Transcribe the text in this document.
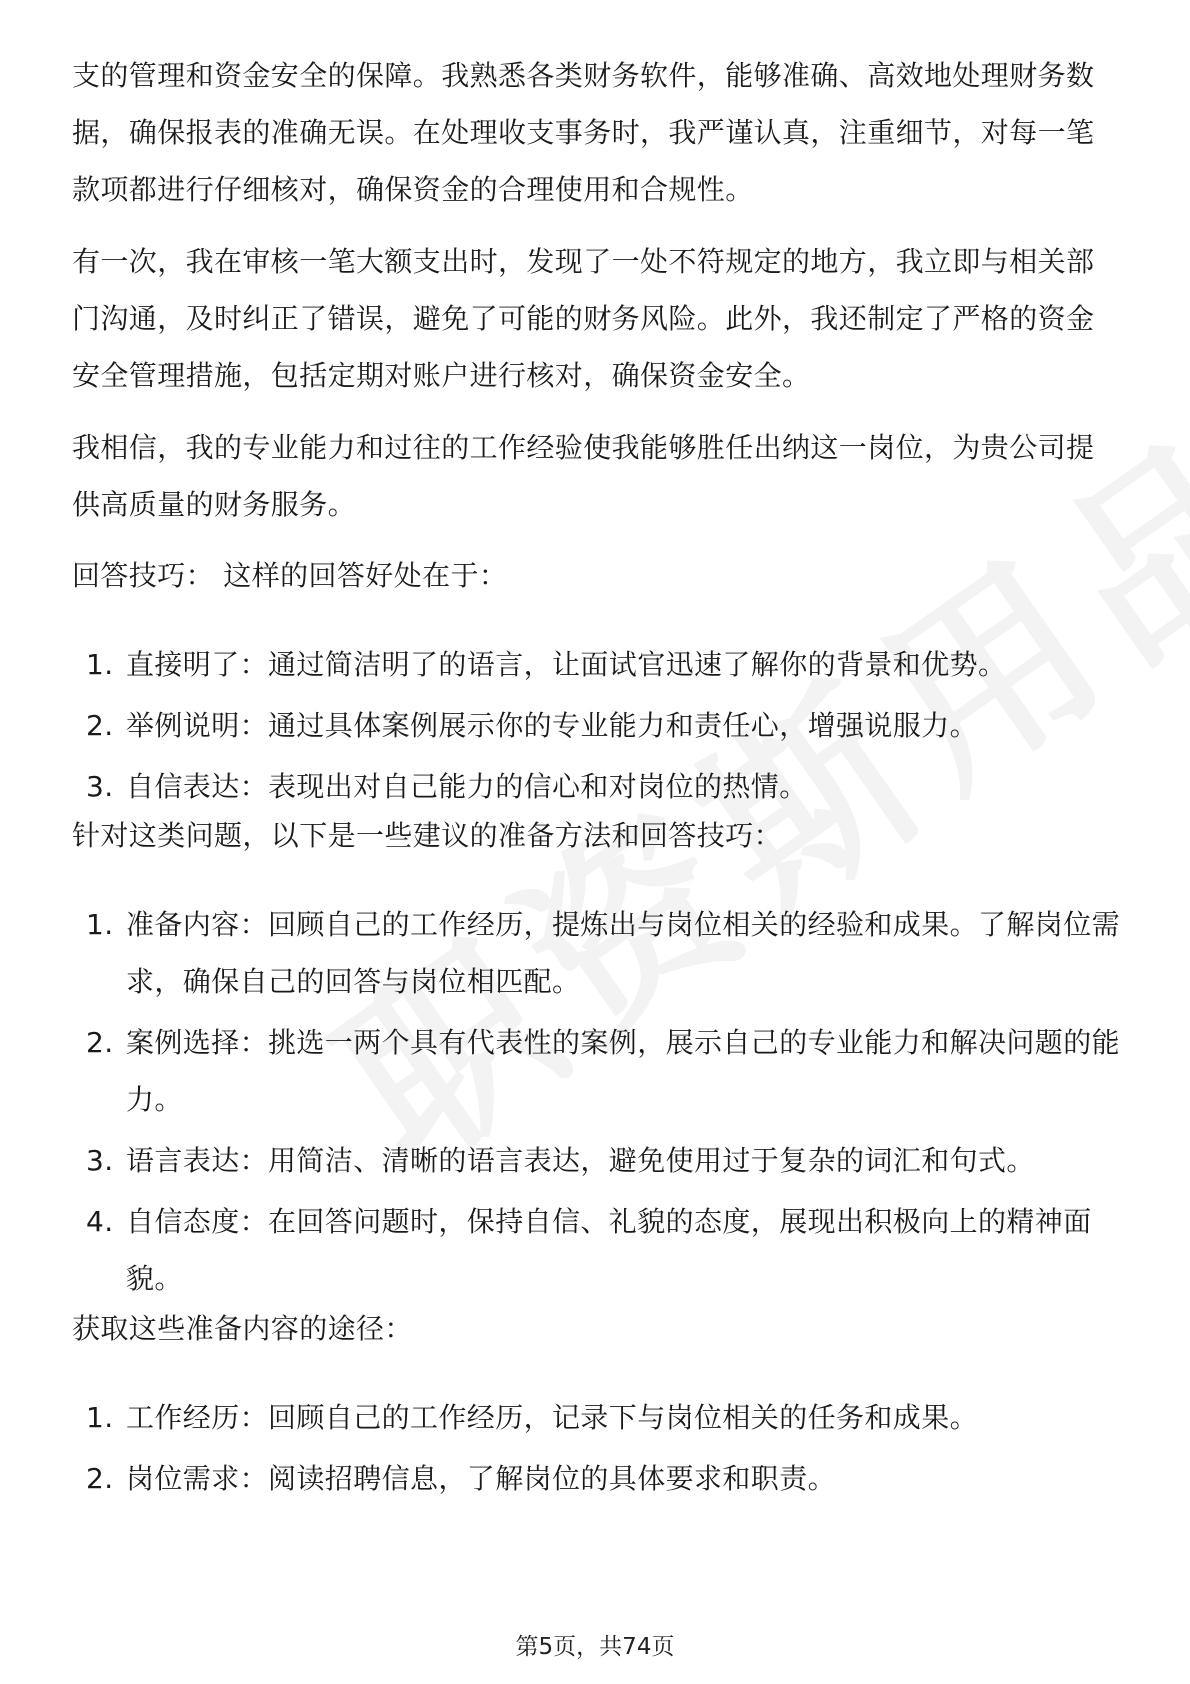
支的管理和资金安全的保障。我熟悉各类财务软件，能够准确、高效地处理财务数据，确保报表的准确无误。在处理收支事务时，我严谨认真，注重细节，对每一笔款项都进行仔细核对，确保资金的合理使用和合规性。

有一次，我在审核一笔大额支出时，发现了一处不符规定的地方，我立即与相关部门沟通，及时纠正了错误，避免了可能的财务风险。此外，我还制定了严格的资金安全管理措施，包括定期对账户进行核对，确保资金安全。

我相信，我的专业能力和过往的工作经验使我能够胜任出纳这一岗位，为贵公司提供高质量的财务服务。

回答技巧： 这样的回答好处在于：

1. 直接明了：通过简洁明了的语言，让面试官迅速了解你的背景和优势。
2. 举例说明：通过具体案例展示你的专业能力和责任心，增强说服力。
3. 自信表达：表现出对自己能力的信心和对岗位的热情。

针对这类问题，以下是一些建议的准备方法和回答技巧：

1. 准备内容：回顾自己的工作经历，提炼出与岗位相关的经验和成果。了解岗位需求，确保自己的回答与岗位相匹配。
2. 案例选择：挑选一两个具有代表性的案例，展示自己的专业能力和解决问题的能力。
3. 语言表达：用简洁、清晰的语言表达，避免使用过于复杂的词汇和句式。
4. 自信态度：在回答问题时，保持自信、礼貌的态度，展现出积极向上的精神面貌。

获取这些准备内容的途径：

1. 工作经历：回顾自己的工作经历，记录下与岗位相关的任务和成果。
2. 岗位需求：阅读招聘信息，了解岗位的具体要求和职责。
第5页，共74页
